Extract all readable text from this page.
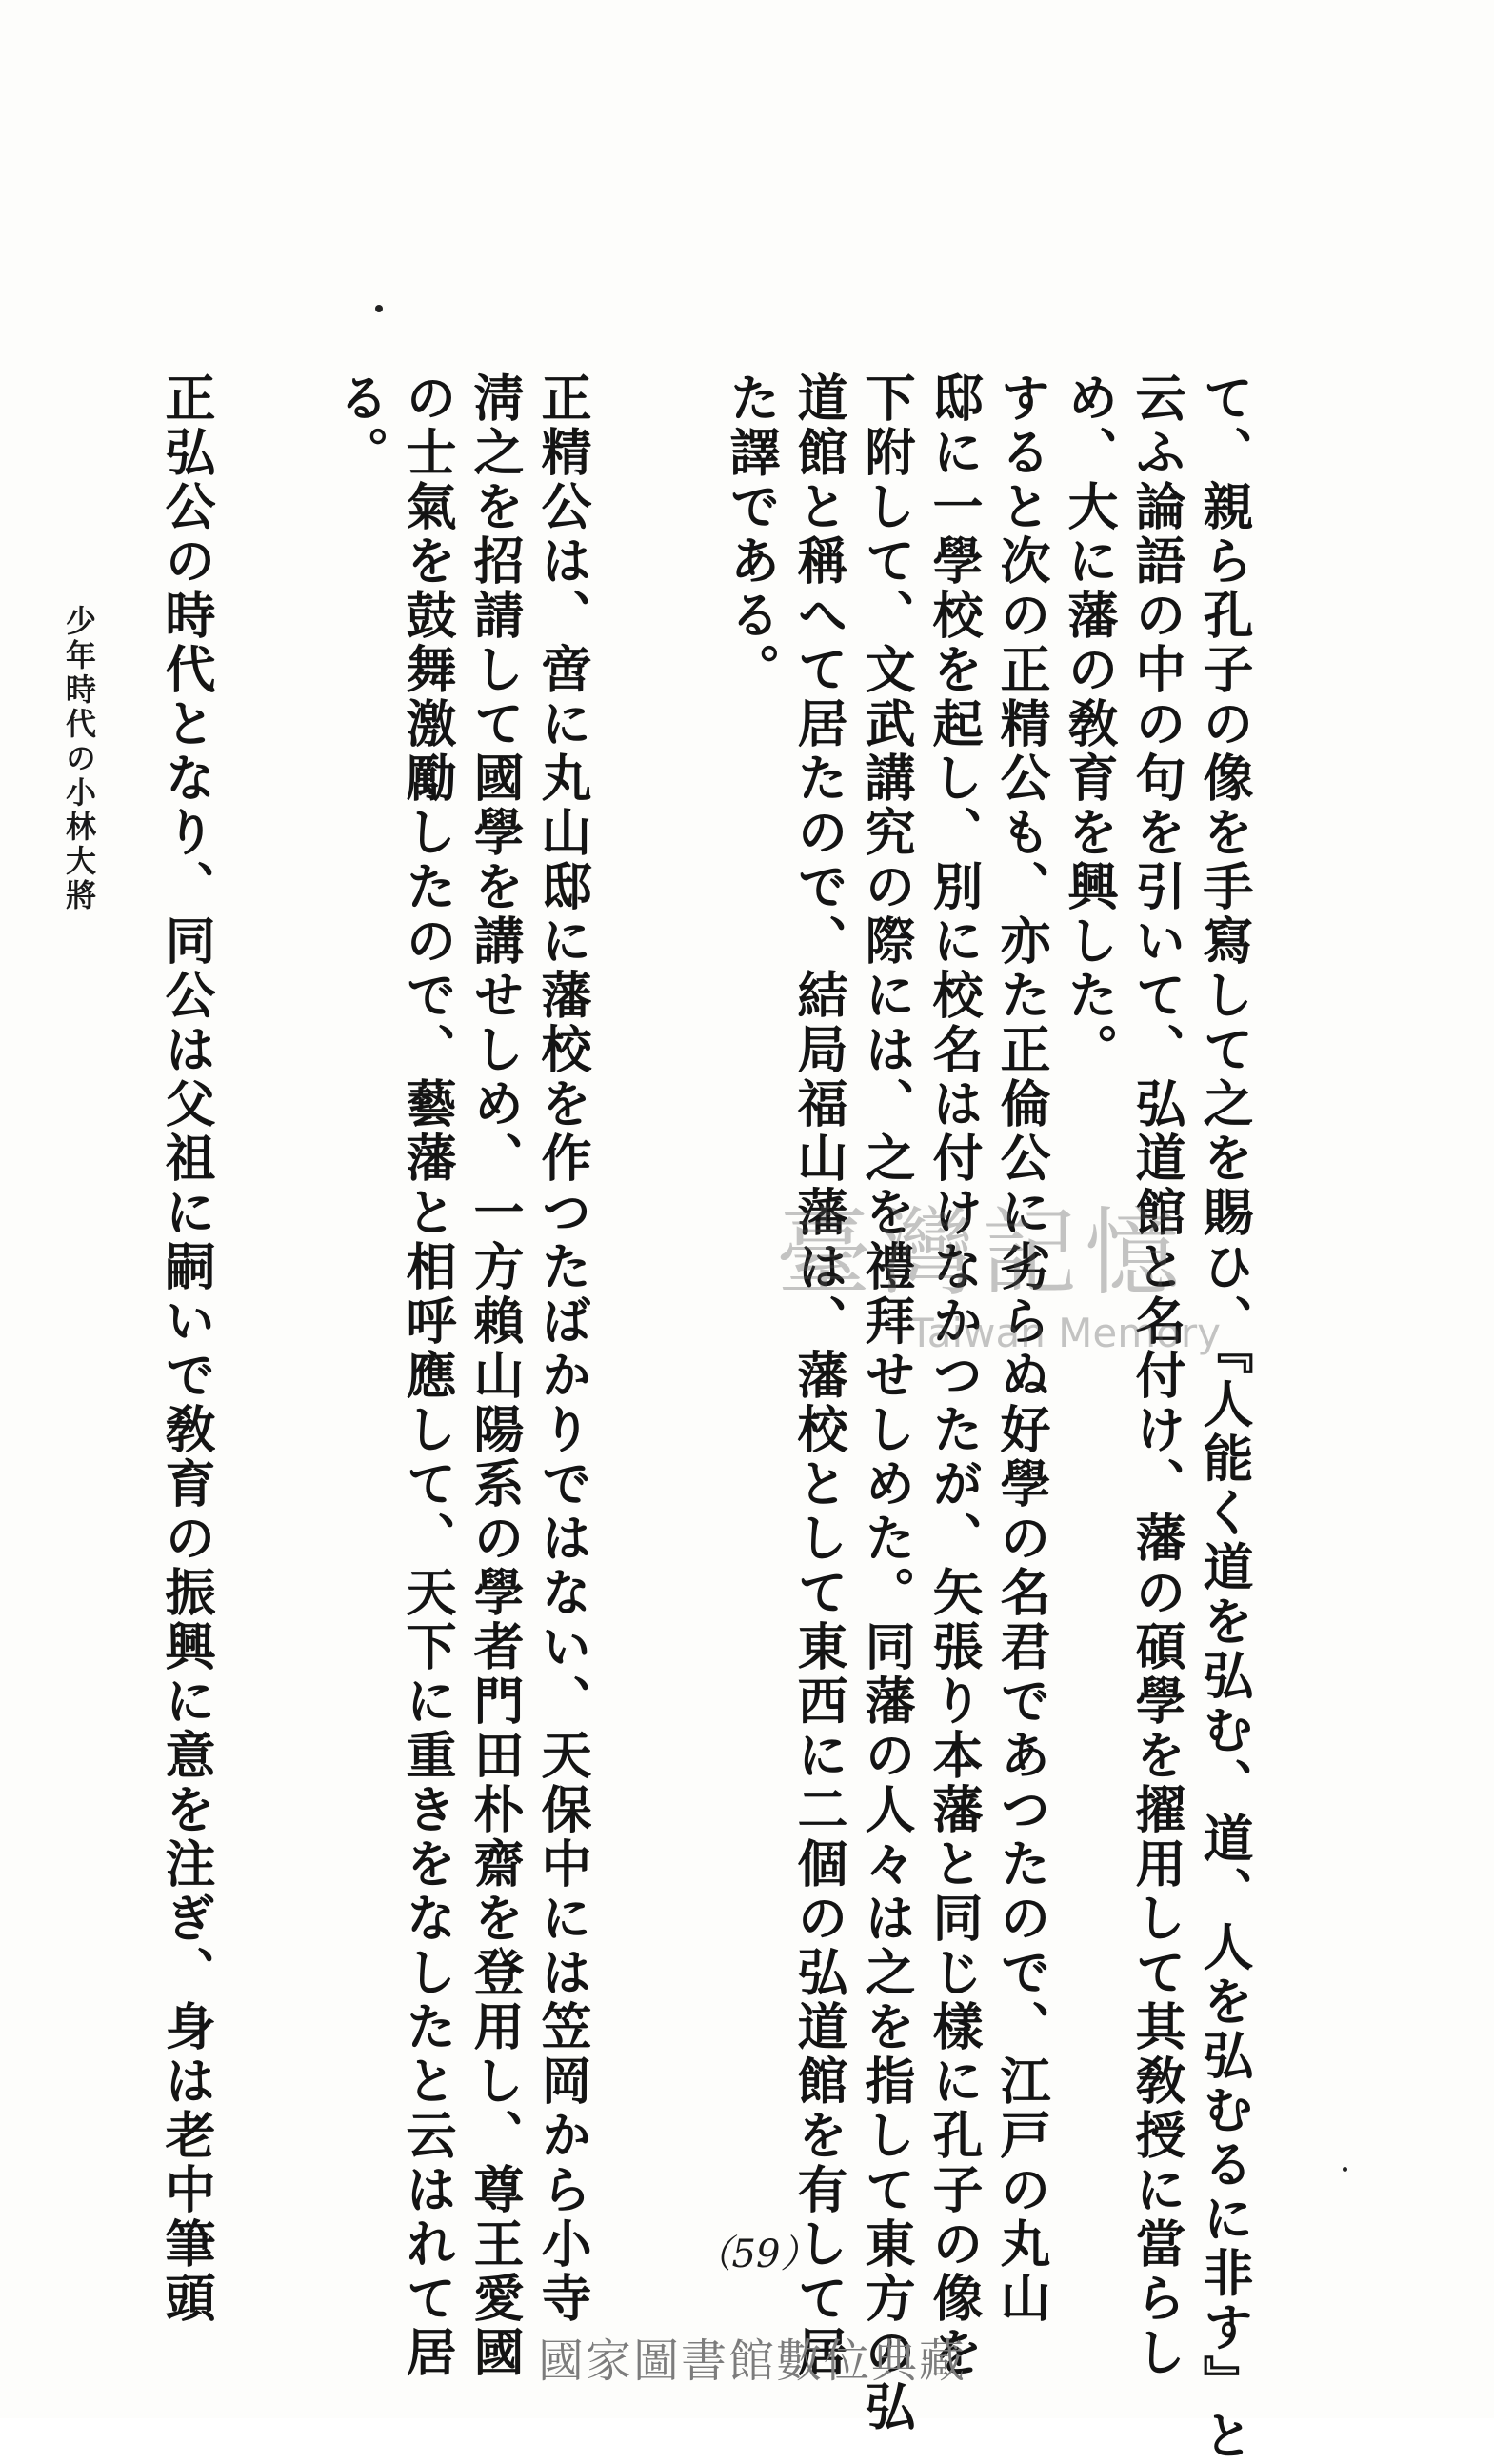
て、親ら孔子の像を手寫して之を賜ひ、『人能く道を弘む、道、人を弘むるに非す』と
云ふ論語の中の句を引いて、弘道館と名付け、藩の碩學を擢用して其敎授に當らし
め、大に藩の敎育を興した。
すると次の正精公も、亦た正倫公に劣らぬ好學の名君であつたので、江戸の丸山
邸に一學校を起し、別に校名は付けなかつたが、矢張り本藩と同じ樣に孔子の像を
下附して、文武講究の際には、之を禮拜せしめた。同藩の人々は之を指して東方の弘
道館と稱へて居たので、結局福山藩は、藩校として東西に二個の弘道館を有して居
た譯である。
正精公は、啻に丸山邸に藩校を作つたばかりではない、天保中には笠岡から小寺
淸之を招請して國學を講せしめ、一方賴山陽系の學者門田朴齋を登用し、尊王愛國
の士氣を鼓舞激勵したので、藝藩と相呼應して、天下に重きをなしたと云はれて居
る。
正弘公の時代となり、同公は父祖に嗣いで敎育の振興に意を注ぎ、身は老中筆頭
少年時代の小林大將
臺灣記憶
Taiwan Memory
（59）
國家圖書館數位典藏
